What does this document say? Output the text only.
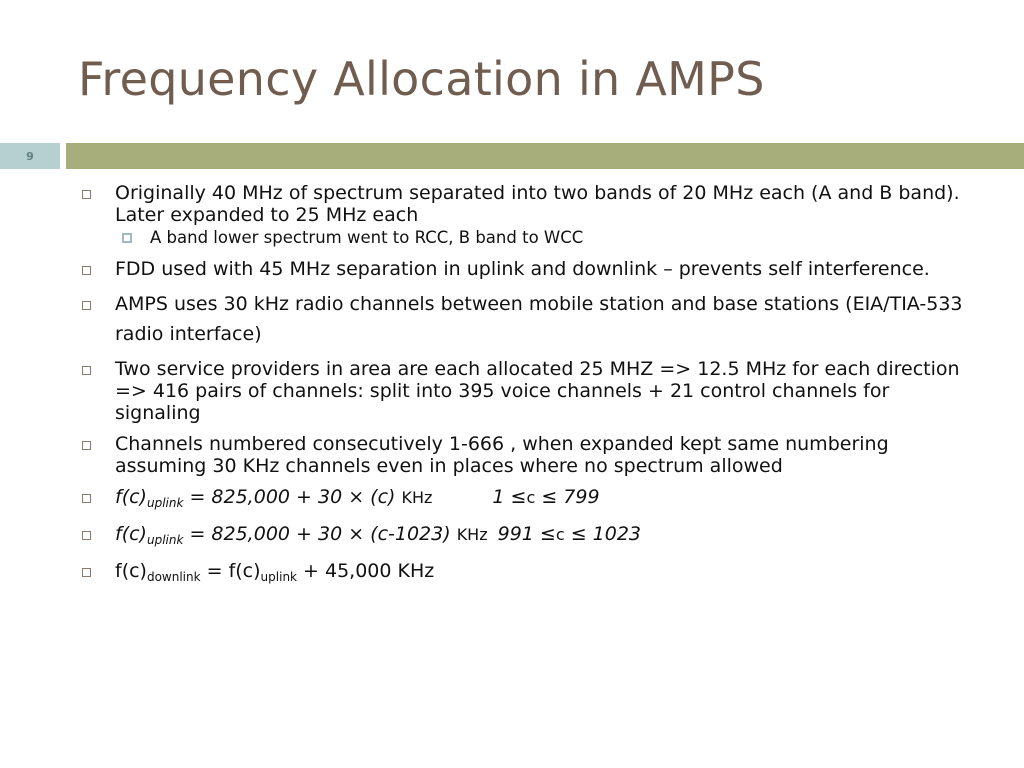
Frequency Allocation in AMPS
9
Originally 40 MHz of spectrum separated into two bands of 20 MHz each (A and B band). Later expanded to 25 MHz each
A band lower spectrum went to RCC, B band to WCC
FDD used with 45 MHz separation in uplink and downlink – prevents self interference.
AMPS uses 30 kHz radio channels between mobile station and base stations (EIA/TIA-533 radio interface)
Two service providers in area are each allocated 25 MHZ => 12.5 MHz for each direction => 416 pairs of channels: split into 395 voice channels + 21 control channels for signaling
Channels numbered consecutively 1-666 , when expanded kept same numbering assuming 30 KHz channels even in places where no spectrum allowed
$f(c)_{uplink} = 825,000 + 30 \times (c)$ KHz	1 ≤c ≤ 799
$f(c)_{uplink} = 825,000 + 30 \times (c-1023)$ KHz 991 ≤c ≤ 1023
$f(c)_{downlink} = f(c)_{uplink} + 45,000$ KHz
